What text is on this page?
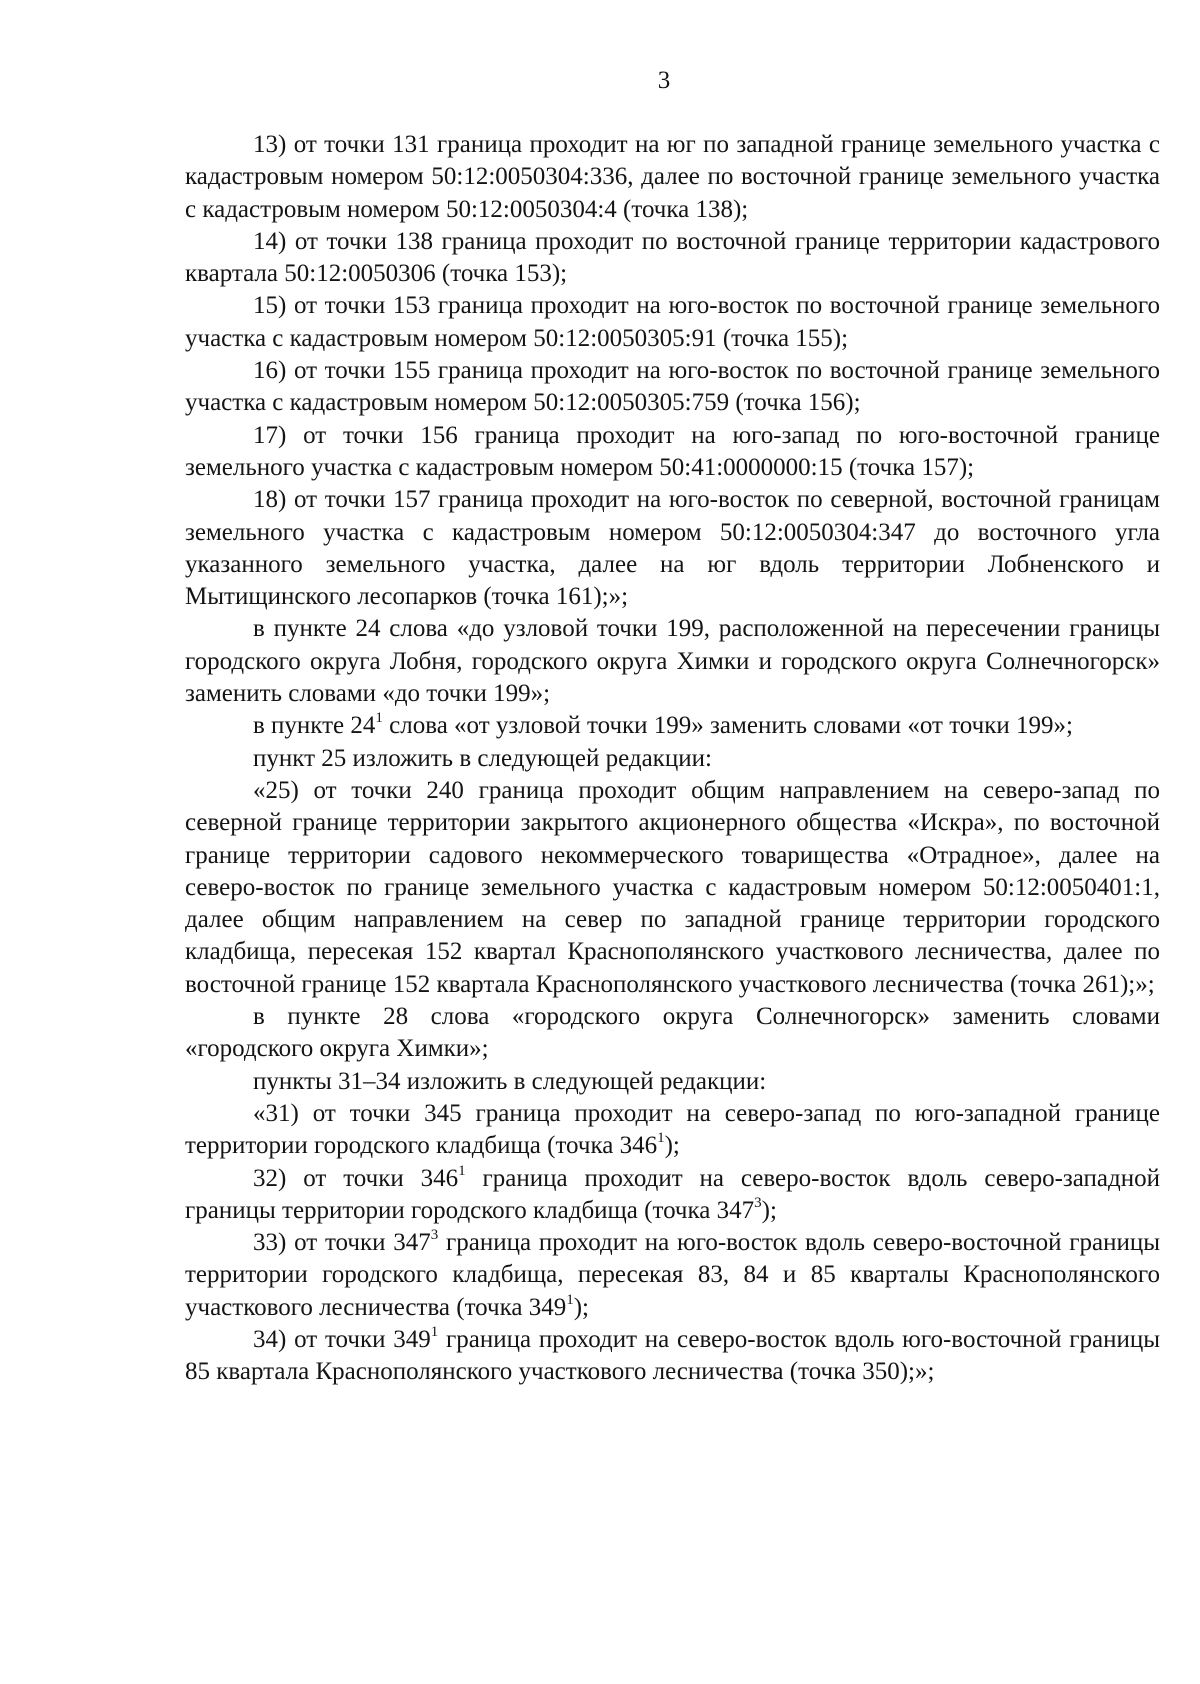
3

13) от точки 131 граница проходит на юг по западной границе земельного участка с кадастровым номером 50:12:0050304:336, далее по восточной границе земельного участка с кадастровым номером 50:12:0050304:4 (точка 138);

14) от точки 138 граница проходит по восточной границе территории кадастрового квартала 50:12:0050306 (точка 153);

15) от точки 153 граница проходит на юго-восток по восточной границе земельного участка с кадастровым номером 50:12:0050305:91 (точка 155);

16) от точки 155 граница проходит на юго-восток по восточной границе земельного участка с кадастровым номером 50:12:0050305:759 (точка 156);

17) от точки 156 граница проходит на юго-запад по юго-восточной границе земельного участка с кадастровым номером 50:41:0000000:15 (точка 157);

18) от точки 157 граница проходит на юго-восток по северной, восточной границам земельного участка с кадастровым номером 50:12:0050304:347 до восточного угла указанного земельного участка, далее на юг вдоль территории Лобненского и Мытищинского лесопарков (точка 161);»;

в пункте 24 слова «до узловой точки 199, расположенной на пересечении границы городского округа Лобня, городского округа Химки и городского округа Солнечногорск» заменить словами «до точки 199»;

в пункте $24^1$ слова «от узловой точки 199» заменить словами «от точки 199»;

пункт 25 изложить в следующей редакции:

«25) от точки 240 граница проходит общим направлением на северо-запад по северной границе территории закрытого акционерного общества «Искра», по восточной границе территории садового некоммерческого товарищества «Отрадное», далее на северо-восток по границе земельного участка с кадастровым номером 50:12:0050401:1, далее общим направлением на север по западной границе территории городского кладбища, пересекая 152 квартал Краснополянского участкового лесничества, далее по восточной границе 152 квартала Краснополянского участкового лесничества (точка 261);»;

в пункте 28 слова «городского округа Солнечногорск» заменить словами «городского округа Химки»;

пункты 31–34 изложить в следующей редакции:

«31) от точки 345 граница проходит на северо-запад по юго-западной границе территории городского кладбища (точка $346^1$);

32) от точки $346^1$ граница проходит на северо-восток вдоль северо-западной границы территории городского кладбища (точка $347^3$);

33) от точки $347^3$ граница проходит на юго-восток вдоль северо-восточной границы территории городского кладбища, пересекая 83, 84 и 85 кварталы Краснополянского участкового лесничества (точка $349^1$);

34) от точки $349^1$ граница проходит на северо-восток вдоль юго-восточной границы 85 квартала Краснополянского участкового лесничества (точка 350);»;
